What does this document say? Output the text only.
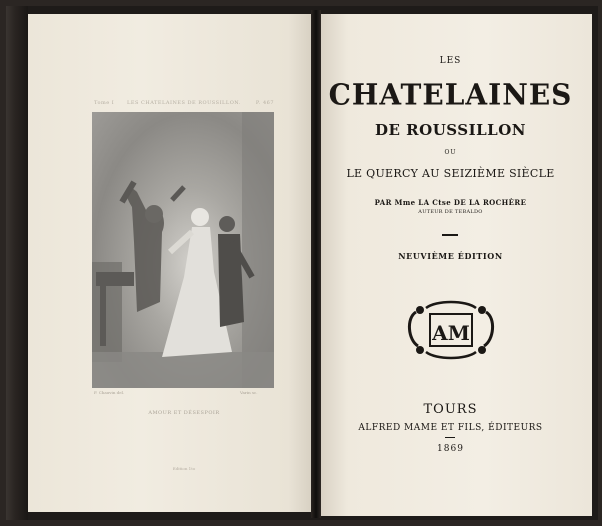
Tome I	LES CHATELAINES DE ROUSSILLON.	P. 467
F. Chauvin del.	Varin sc.
AMOUR ET DÉSESPOIR
Edition 1to
LES
CHATELAINES
DE ROUSSILLON
OU
LE QUERCY AU SEIZIÈME SIÈCLE
PAR Mme LA Ctse DE LA ROCHÈRE
AUTEUR DE TEBALDO
NEUVIÈME ÉDITION
AM
TOURS
ALFRED MAME ET FILS, ÉDITEURS
1869
